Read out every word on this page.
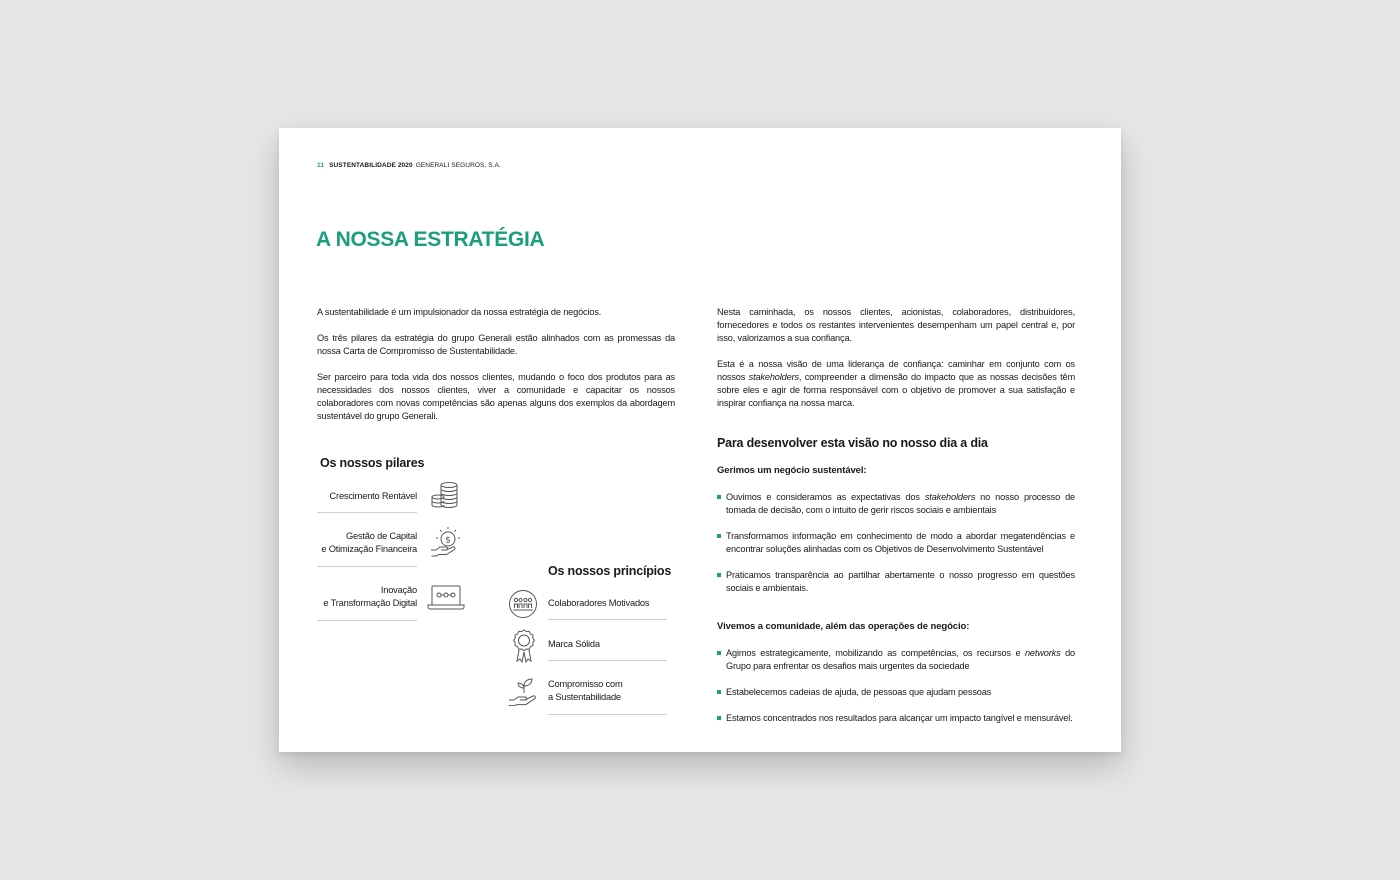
11 SUSTENTABILIDADE 2020 GENERALI SEGUROS, S.A.
A NOSSA ESTRATÉGIA

A sustentabilidade é um impulsionador da nossa estratégia de negócios.

Os três pilares da estratégia do grupo Generali estão alinhados com as promessas da nossa Carta de Compromisso de Sustentabilidade.

Ser parceiro para toda vida dos nossos clientes, mudando o foco dos produtos para as necessidades dos nossos clientes, viver a comunidade e capacitar os nossos colaboradores com novas competências são apenas alguns dos exemplos da abordagem sustentável do grupo Generali.

Os nossos pilares
Crescimento Rentável
Gestão de Capital
e Otimização Financeira
$
Inovação
e Transformação Digital
Os nossos princípios
Colaboradores Motivados
Marca Sólida
Compromisso com
a Sustentabilidade

Nesta caminhada, os nossos clientes, acionistas, colaboradores, distribuidores, fornecedores e todos os restantes intervenientes desempenham um papel central e, por isso, valorizamos a sua confiança.

Esta é a nossa visão de uma liderança de confiança: caminhar em conjunto com os nossos stakeholders, compreender a dimensão do impacto que as nossas decisões têm sobre eles e agir de forma responsável com o objetivo de promover a sua satisfação e inspirar confiança na nossa marca.

Para desenvolver esta visão no nosso dia a dia
Gerimos um negócio sustentável:
Ouvimos e consideramos as expectativas dos stakeholders no nosso processo de tomada de decisão, com o intuito de gerir riscos sociais e ambientais
Transformamos informação em conhecimento de modo a abordar megatendências e encontrar soluções alinhadas com os Objetivos de Desenvolvimento Sustentável
Praticamos transparência ao partilhar abertamente o nosso progresso em questões sociais e ambientais.
Vivemos a comunidade, além das operações de negócio:
Agimos estrategicamente, mobilizando as competências, os recursos e networks do Grupo para enfrentar os desafios mais urgentes da sociedade
Estabelecemos cadeias de ajuda, de pessoas que ajudam pessoas
Estamos concentrados nos resultados para alcançar um impacto tangível e mensurável.
